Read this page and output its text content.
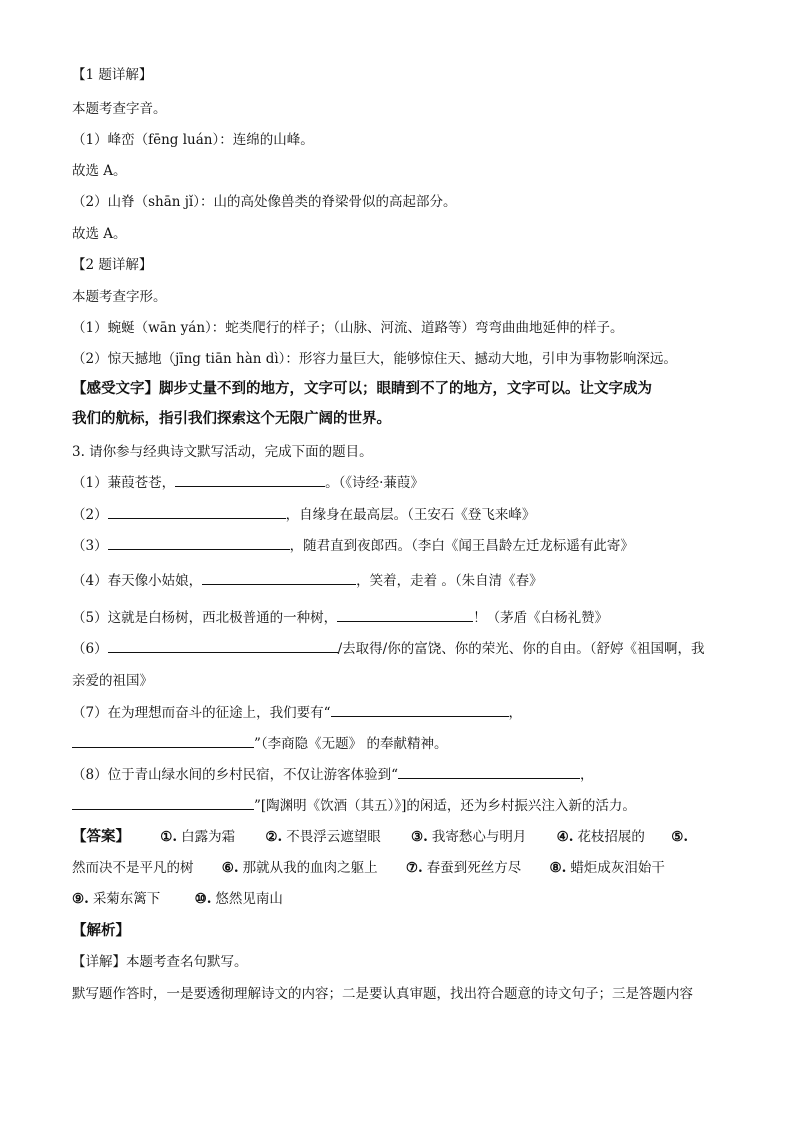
【1 题详解】
本题考查字音。
（1）峰峦（fēng luán）：连绵的山峰。
故选 A。
（2）山脊（shān jǐ）：山的高处像兽类的脊梁骨似的高起部分。
故选 A。
【2 题详解】
本题考查字形。
（1）蜿蜒（wān yán）：蛇类爬行的样子；（山脉、河流、道路等）弯弯曲曲地延伸的样子。
（2）惊天撼地（jīng tiān hàn dì）：形容力量巨大，能够惊住天、撼动大地，引申为事物影响深远。
【感受文字】脚步丈量不到的地方，文字可以；眼睛到不了的地方，文字可以。让文字成为
我们的航标，指引我们探索这个无限广阔的世界。
3. 请你参与经典诗文默写活动，完成下面的题目。
（1）蒹葭苍苍，	。（《诗经·蒹葭》
（2）	，自缘身在最高层。（王安石《登飞来峰》
（3）	，随君直到夜郎西。（李白《闻王昌龄左迁龙标遥有此寄》
（4）春天像小姑娘，	，笑着，走着 。（朱自清《春》
（5）这就是白杨树，西北极普通的一种树，	！（茅盾《白杨礼赞》
（6）	/去取得/你的富饶、你的荣光、你的自由。（舒婷《祖国啊，我
亲爱的祖国》
（7）在为理想而奋斗的征途上，我们要有“	，
”（李商隐《无题》 的奉献精神。
（8）位于青山绿水间的乡村民宿，不仅让游客体验到“	，
”[陶渊明《饮酒（其五）》]的闲适，还为乡村振兴注入新的活力。
【答案】 ①. 白露为霜 ②. 不畏浮云遮望眼 ③. 我寄愁心与明月 ④. 花枝招展的 ⑤.
然而决不是平凡的树 ⑥. 那就从我的血肉之躯上 ⑦. 春蚕到死丝方尽 ⑧. 蜡炬成灰泪始干
⑨. 采菊东篱下	⑩. 悠然见南山
【解析】
【详解】本题考查名句默写。
默写题作答时，一是要透彻理解诗文的内容；二是要认真审题，找出符合题意的诗文句子；三是答题内容
